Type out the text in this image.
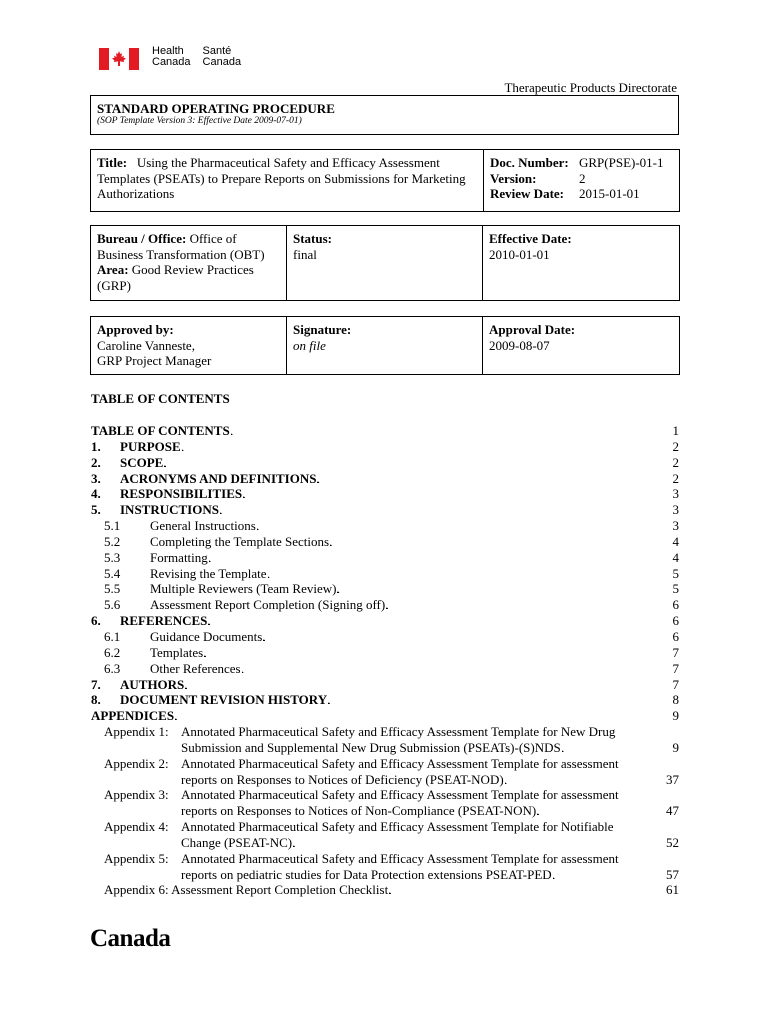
Health
Canada
Santé
Canada
Therapeutic Products Directorate
STANDARD OPERATING PROCEDURE
(SOP Template Version 3: Effective Date 2009-07-01)
Title: Using the Pharmaceutical Safety and Efficacy Assessment Templates (PSEATs) to Prepare Reports on Submissions for Marketing Authorizations	
Doc. Number: GRP(PSE)-01-1
Version:	2
Review Date:	2015-01-01
Bureau / Office: Office of Business Transformation (OBT)
Area: Good Review Practices (GRP)	
Status:
final

Effective Date:
2010-01-01
Approved by:
Caroline Vanneste,
GRP Project Manager

Signature:
on file

Approval Date:
2009-08-07
TABLE OF CONTENTS
TABLE OF CONTENTS . . .	1
1.	PURPOSE . . .	2
2.	SCOPE . . .	2
3.	ACRONYMS AND DEFINITIONS . . .	2
4.	RESPONSIBILITIES . . .	3
5.	INSTRUCTIONS . . .	3
5.1	General Instructions . . .	3
5.2	Completing the Template Sections . . .	4
5.3	Formatting . . .	4
5.4	Revising the Template . . .	5
5.5	Multiple Reviewers (Team Review) . . .	5
5.6	Assessment Report Completion (Signing off) . . .	6
6.	REFERENCES . . .	6
6.1	Guidance Documents . . .	6
6.2	Templates . . .	7
6.3	Other References . . .	7
7.	AUTHORS . . .	7
8.	DOCUMENT REVISION HISTORY . . .	8
APPENDICES . . .	9
Appendix 1: Annotated Pharmaceutical Safety and Efficacy Assessment Template for New Drug
Submission and Supplemental New Drug Submission (PSEATs)-(S)NDS . . .	9
Appendix 2: Annotated Pharmaceutical Safety and Efficacy Assessment Template for assessment
reports on Responses to Notices of Deficiency (PSEAT-NOD) . . .	37
Appendix 3: Annotated Pharmaceutical Safety and Efficacy Assessment Template for assessment
reports on Responses to Notices of Non-Compliance (PSEAT-NON) . . .	47
Appendix 4: Annotated Pharmaceutical Safety and Efficacy Assessment Template for Notifiable
Change (PSEAT-NC) . . .	52
Appendix 5: Annotated Pharmaceutical Safety and Efficacy Assessment Template for assessment
reports on pediatric studies for Data Protection extensions PSEAT-PED . . .	57
Appendix 6: Assessment Report Completion Checklist . . .	61
Canada
